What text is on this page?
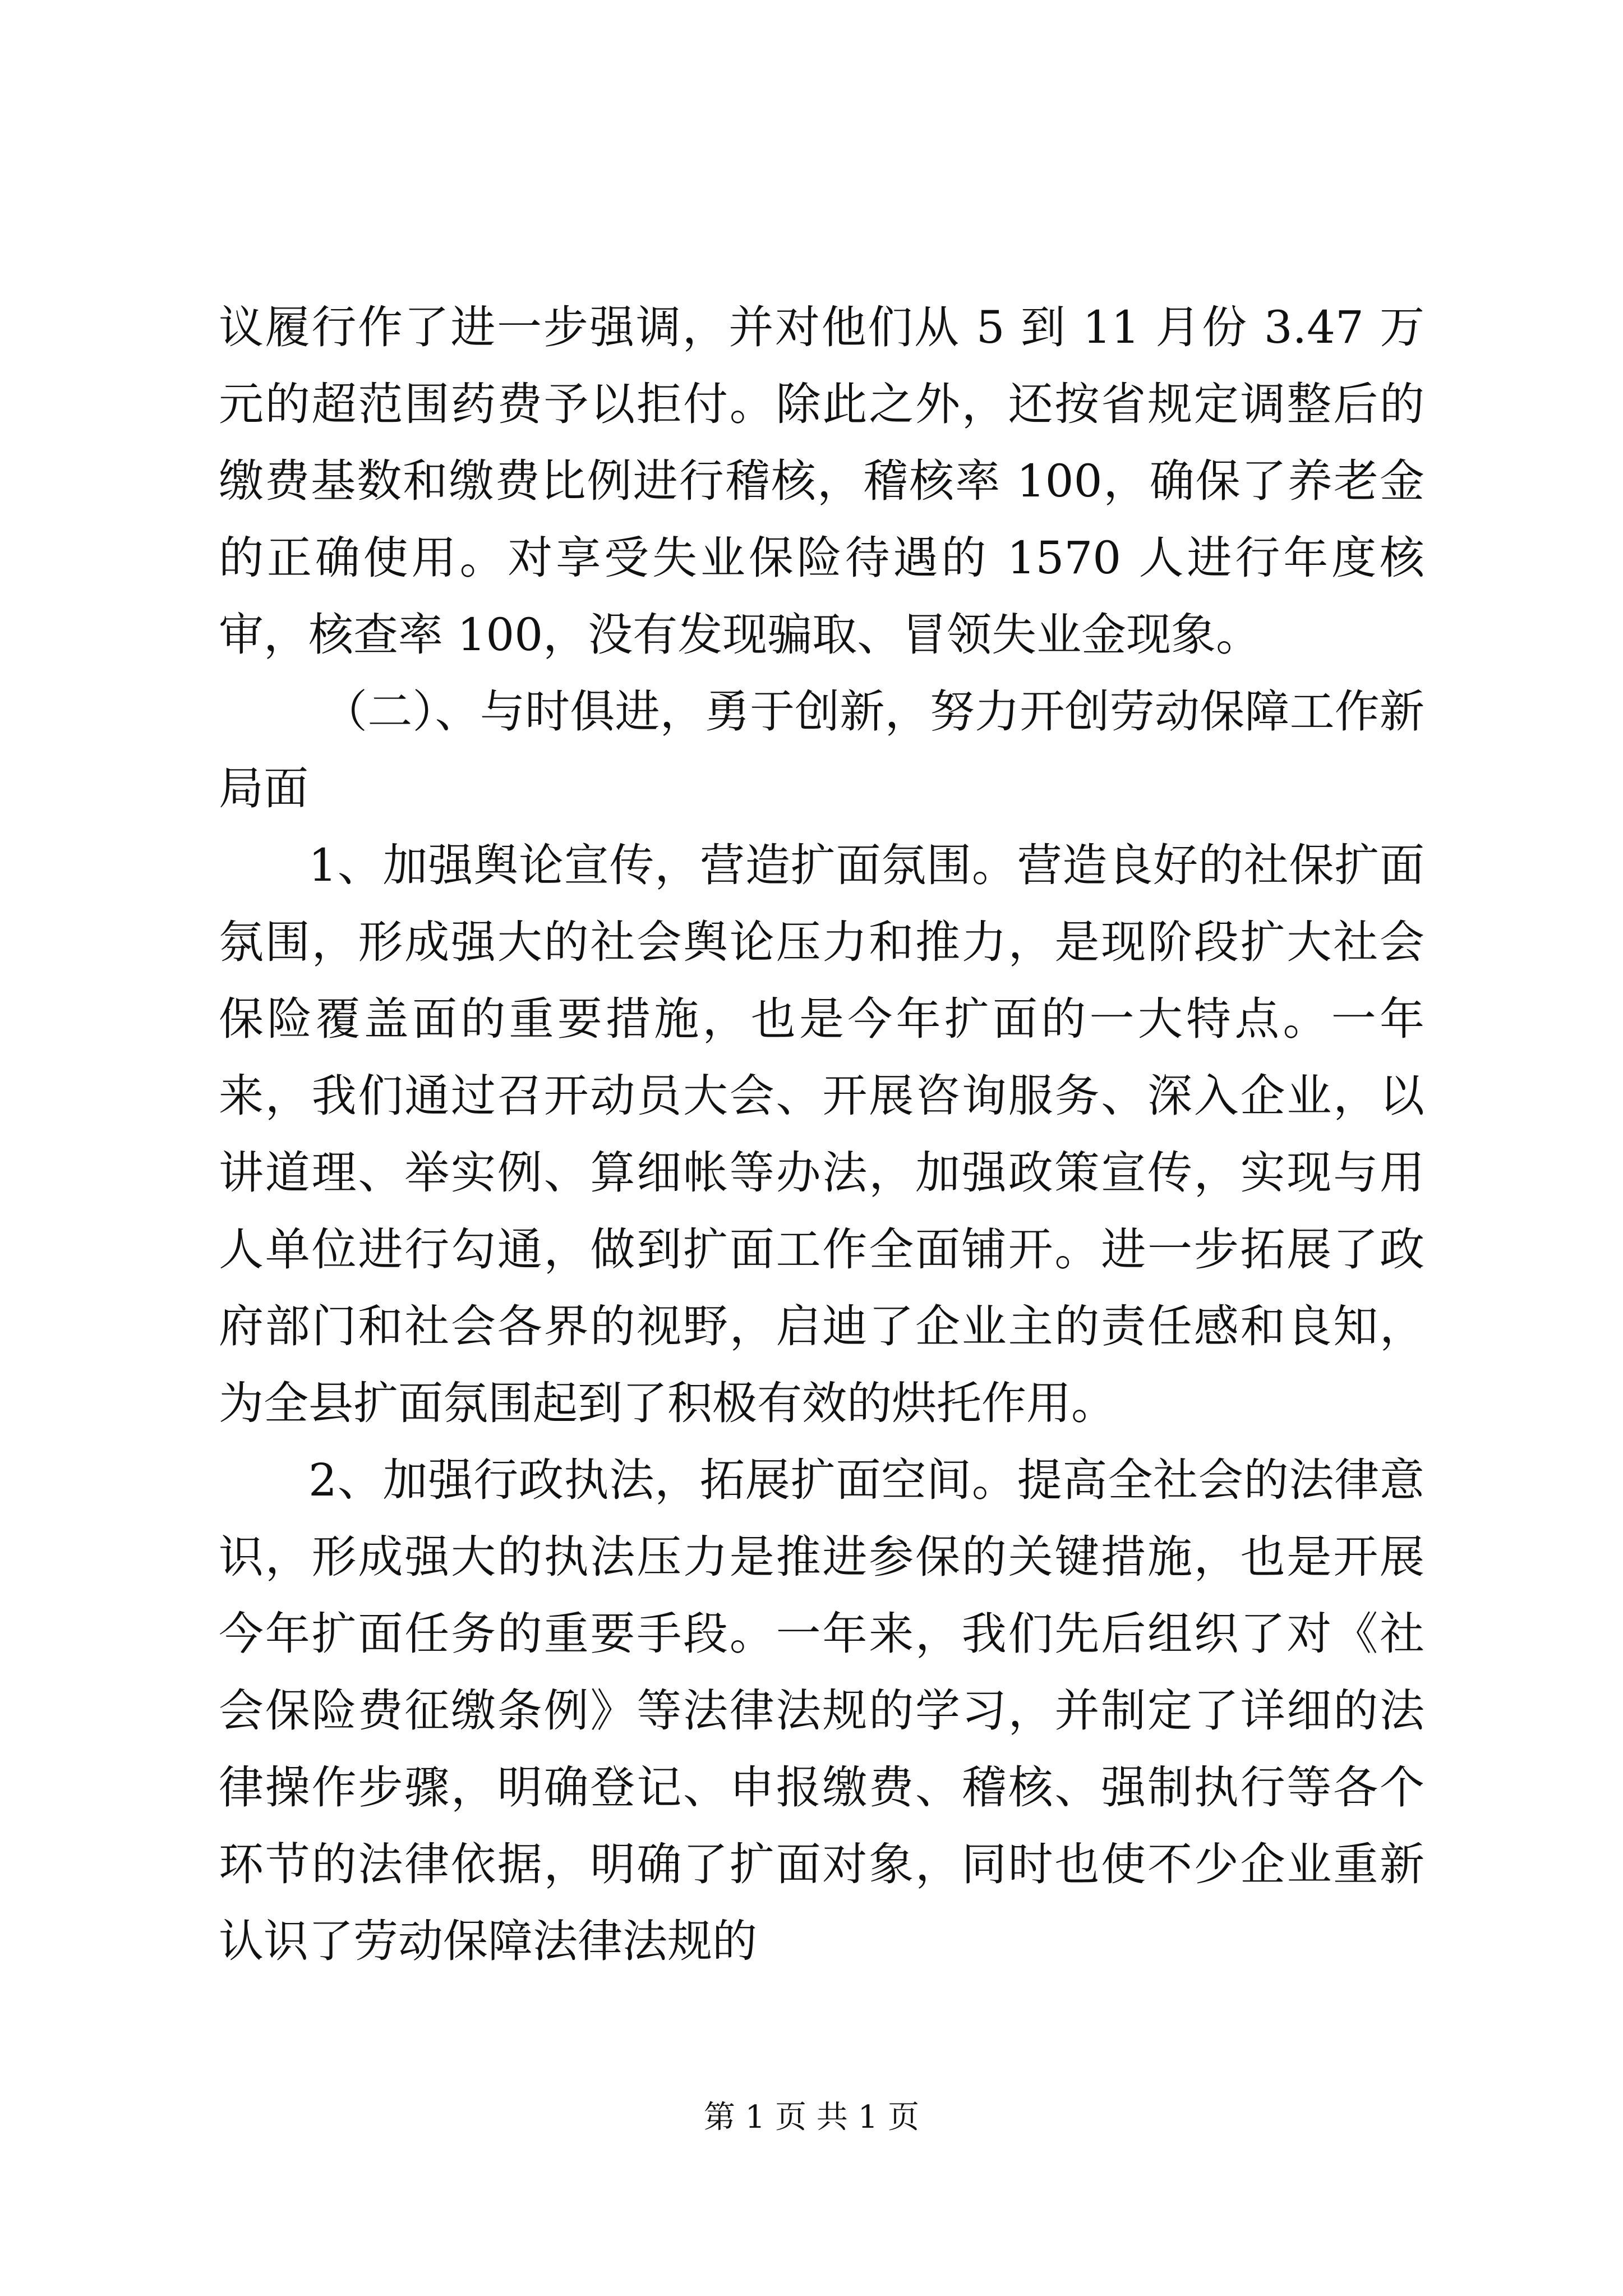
议履行作了进一步强调，并对他们从 5 到 11 月份 3.47 万元的超范围药费予以拒付。除此之外，还按省规定调整后的缴费基数和缴费比例进行稽核，稽核率 100，确保了养老金的正确使用。对享受失业保险待遇的 1570 人进行年度核审，核查率 100，没有发现骗取、冒领失业金现象。

（二）、与时俱进，勇于创新，努力开创劳动保障工作新局面

1、加强舆论宣传，营造扩面氛围。营造良好的社保扩面氛围，形成强大的社会舆论压力和推力，是现阶段扩大社会保险覆盖面的重要措施，也是今年扩面的一大特点。一年来，我们通过召开动员大会、开展咨询服务、深入企业，以讲道理、举实例、算细帐等办法，加强政策宣传，实现与用人单位进行勾通，做到扩面工作全面铺开。进一步拓展了政府部门和社会各界的视野，启迪了企业主的责任感和良知，为全县扩面氛围起到了积极有效的烘托作用。

2、加强行政执法，拓展扩面空间。提高全社会的法律意识，形成强大的执法压力是推进参保的关键措施，也是开展今年扩面任务的重要手段。一年来，我们先后组织了对《社会保险费征缴条例》等法律法规的学习，并制定了详细的法律操作步骤，明确登记、申报缴费、稽核、强制执行等各个环节的法律依据，明确了扩面对象，同时也使不少企业重新认识了劳动保障法律法规的

第 1 页 共 1 页
